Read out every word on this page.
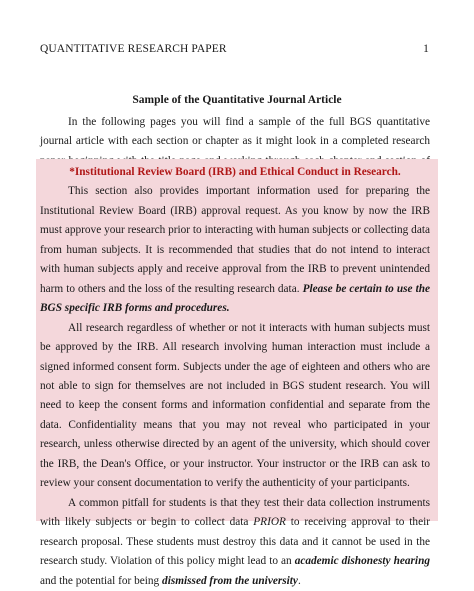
QUANTITATIVE RESEARCH PAPER	1
Sample of the Quantitative Journal Article

In the following pages you will find a sample of the full BGS quantitative journal article with each section or chapter as it might look in a completed research

*Institutional Review Board (IRB) and Ethical Conduct in Research.

This section also provides important information used for preparing the Institutional Review Board (IRB) approval request. As you know by now the IRB must approve your research prior to interacting with human subjects or collecting data from human subjects. It is recommended that studies that do not intend to interact with human subjects apply and receive approval from the IRB to prevent unintended harm to others and the loss of the resulting research data. Please be certain to use the BGS specific IRB forms and procedures.

All research regardless of whether or not it interacts with human subjects must be approved by the IRB. All research involving human interaction must include a signed informed consent form. Subjects under the age of eighteen and others who are not able to sign for themselves are not included in BGS student research. You will need to keep the consent forms and information confidential and separate from the data. Confidentiality means that you may not reveal who participated in your research, unless otherwise directed by an agent of the university, which should cover the IRB, the Dean's Office, or your instructor. Your instructor or the IRB can ask to review your consent documentation to verify the authenticity of your participants.

A common pitfall for students is that they test their data collection instruments with likely subjects or begin to collect data PRIOR to receiving approval to their research proposal. These students must destroy this data and it cannot be used in the research study. Violation of this policy might lead to an academic dishonesty hearing and the potential for being dismissed from the university.
